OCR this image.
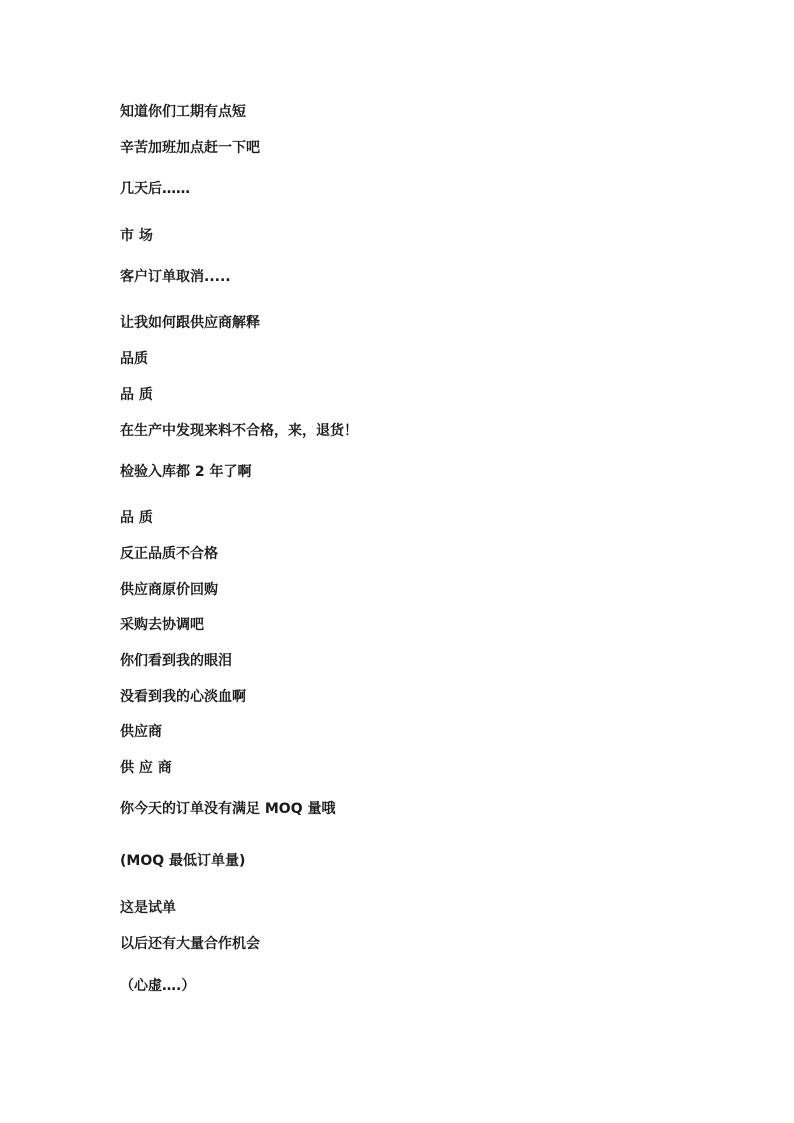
知道你们工期有点短
辛苦加班加点赶一下吧
几天后……
市 场
客户订单取消.....
让我如何跟供应商解释
品质
品 质
在生产中发现来料不合格，来，退货！
检验入库都 2 年了啊
品 质
反正品质不合格
供应商原价回购
采购去协调吧
你们看到我的眼泪
没看到我的心淡血啊
供应商
供 应 商
你今天的订单没有满足 MOQ 量哦
(MOQ 最低订单量)
这是试单
以后还有大量合作机会
（心虚….）
